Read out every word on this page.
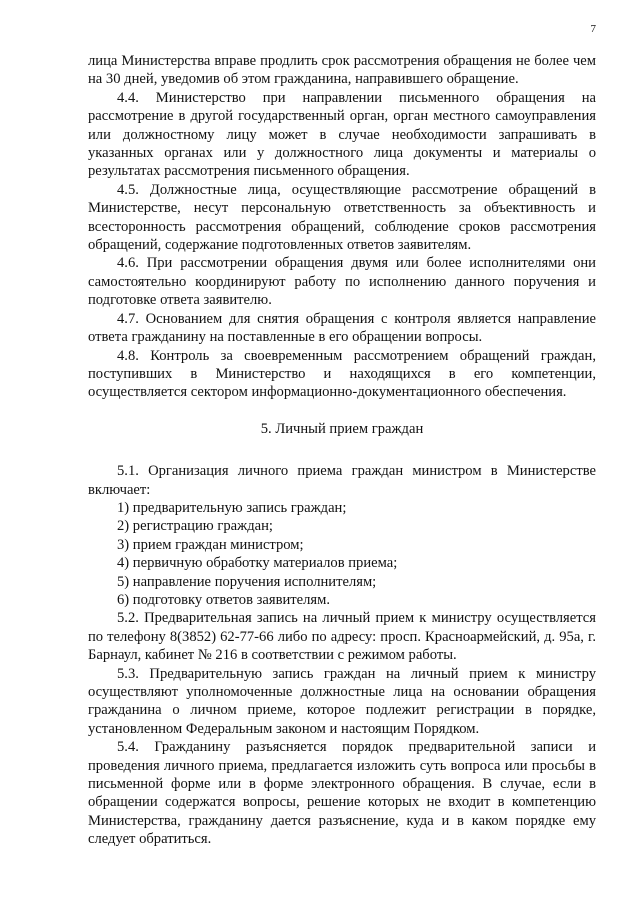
7

лица Министерства вправе продлить срок рассмотрения обращения не более чем на 30 дней, уведомив об этом гражданина, направившего обращение.

4.4. Министерство при направлении письменного обращения на рассмотрение в другой государственный орган, орган местного самоуправления или должностному лицу может в случае необходимости запрашивать в указанных органах или у должностного лица документы и материалы о результатах рассмотрения письменного обращения.

4.5. Должностные лица, осуществляющие рассмотрение обращений в Министерстве, несут персональную ответственность за объективность и всесторонность рассмотрения обращений, соблюдение сроков рассмотрения обращений, содержание подготовленных ответов заявителям.

4.6. При рассмотрении обращения двумя или более исполнителями они самостоятельно координируют работу по исполнению данного поручения и подготовке ответа заявителю.

4.7. Основанием для снятия обращения с контроля является направление ответа гражданину на поставленные в его обращении вопросы.

4.8. Контроль за своевременным рассмотрением обращений граждан, поступивших в Министерство и находящихся в его компетенции, осуществляется сектором информационно-документационного обеспечения.

5. Личный прием граждан

5.1. Организация личного приема граждан министром в Министерстве включает:

1) предварительную запись граждан;
2) регистрацию граждан;
3) прием граждан министром;
4) первичную обработку материалов приема;
5) направление поручения исполнителям;
6) подготовку ответов заявителям.

5.2. Предварительная запись на личный прием к министру осуществляется по телефону 8(3852) 62-77-66 либо по адресу: просп. Красноармейский, д. 95а, г. Барнаул, кабинет № 216 в соответствии с режимом работы.

5.3. Предварительную запись граждан на личный прием к министру осуществляют уполномоченные должностные лица на основании обращения гражданина о личном приеме, которое подлежит регистрации в порядке, установленном Федеральным законом и настоящим Порядком.

5.4. Гражданину разъясняется порядок предварительной записи и проведения личного приема, предлагается изложить суть вопроса или просьбы в письменной форме или в форме электронного обращения. В случае, если в обращении содержатся вопросы, решение которых не входит в компетенцию Министерства, гражданину дается разъяснение, куда и в каком порядке ему следует обратиться.
